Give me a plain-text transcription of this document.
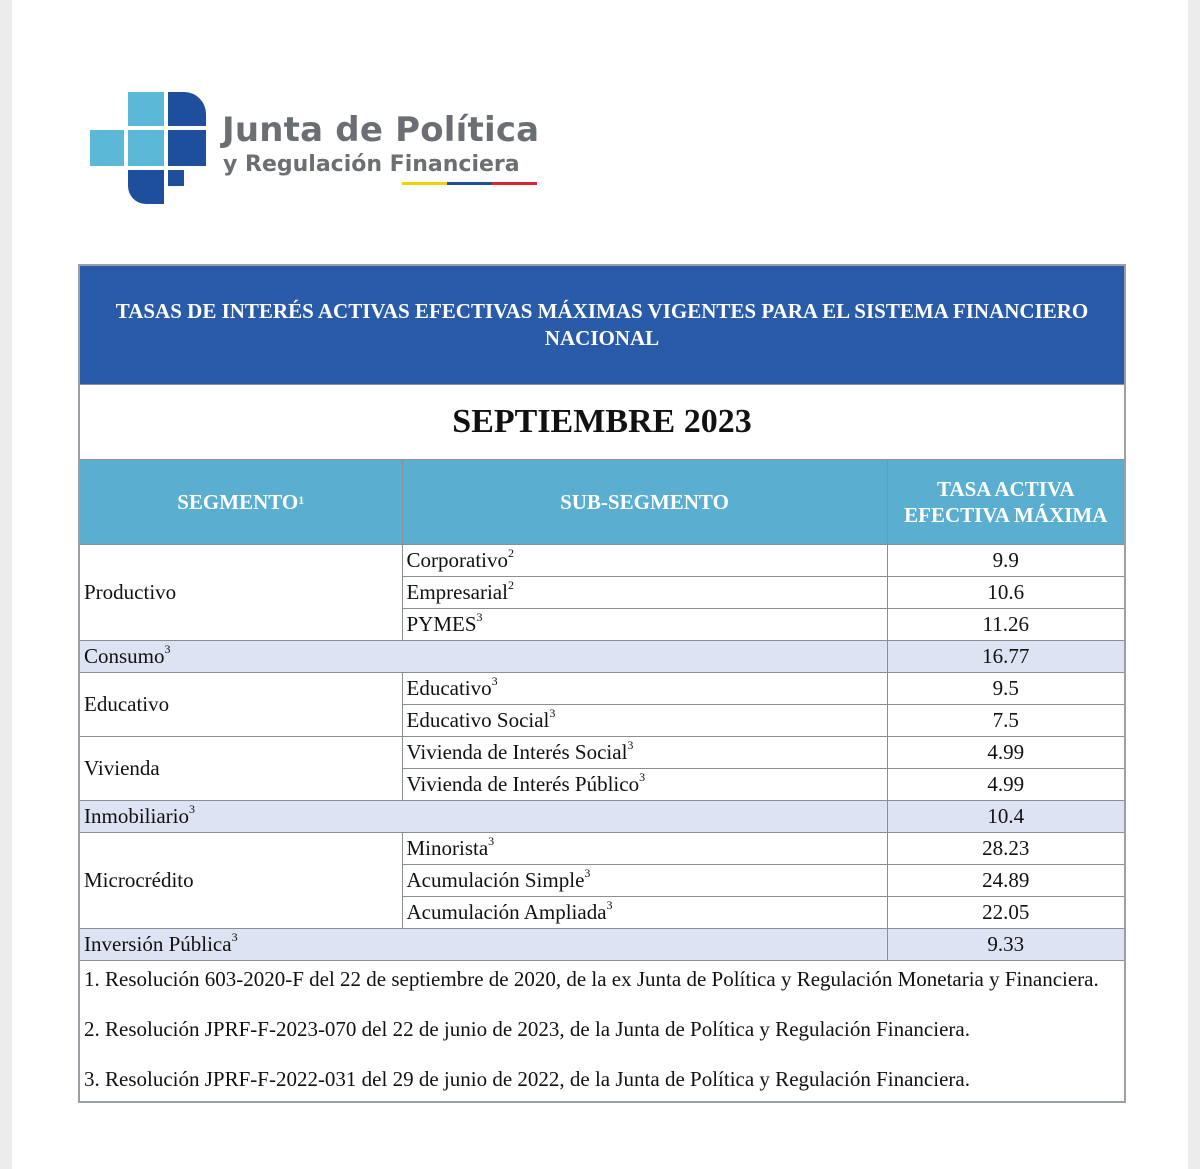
Junta de Política
y Regulación Financiera
TASAS DE INTERÉS ACTIVAS EFECTIVAS MÁXIMAS VIGENTES PARA EL SISTEMA FINANCIERO NACIONAL		
SEPTIEMBRE 2023		
SEGMENTO$^1$	SUB-SEGMENTO	TASA ACTIVA EFECTIVA MÁXIMA
Productivo	Corporativo$^2$	9.9
	Empresarial$^2$	10.6
	PYMES$^3$	11.26
Consumo$^3$		16.77
Educativo	Educativo$^3$	9.5
	Educativo Social$^3$	7.5
Vivienda	Vivienda de Interés Social$^3$	4.99
	Vivienda de Interés Público$^3$	4.99
Inmobiliario$^3$		10.4
Microcrédito	Minorista$^3$	28.23
	Acumulación Simple$^3$	24.89
	Acumulación Ampliada$^3$	22.05
Inversión Pública$^3$		9.33

1. Resolución 603-2020-F del 22 de septiembre de 2020, de la ex Junta de Política y Regulación Monetaria y Financiera.

2. Resolución JPRF-F-2023-070 del 22 de junio de 2023, de la Junta de Política y Regulación Financiera.

3. Resolución JPRF-F-2022-031 del 29 de junio de 2022, de la Junta de Política y Regulación Financiera.		
